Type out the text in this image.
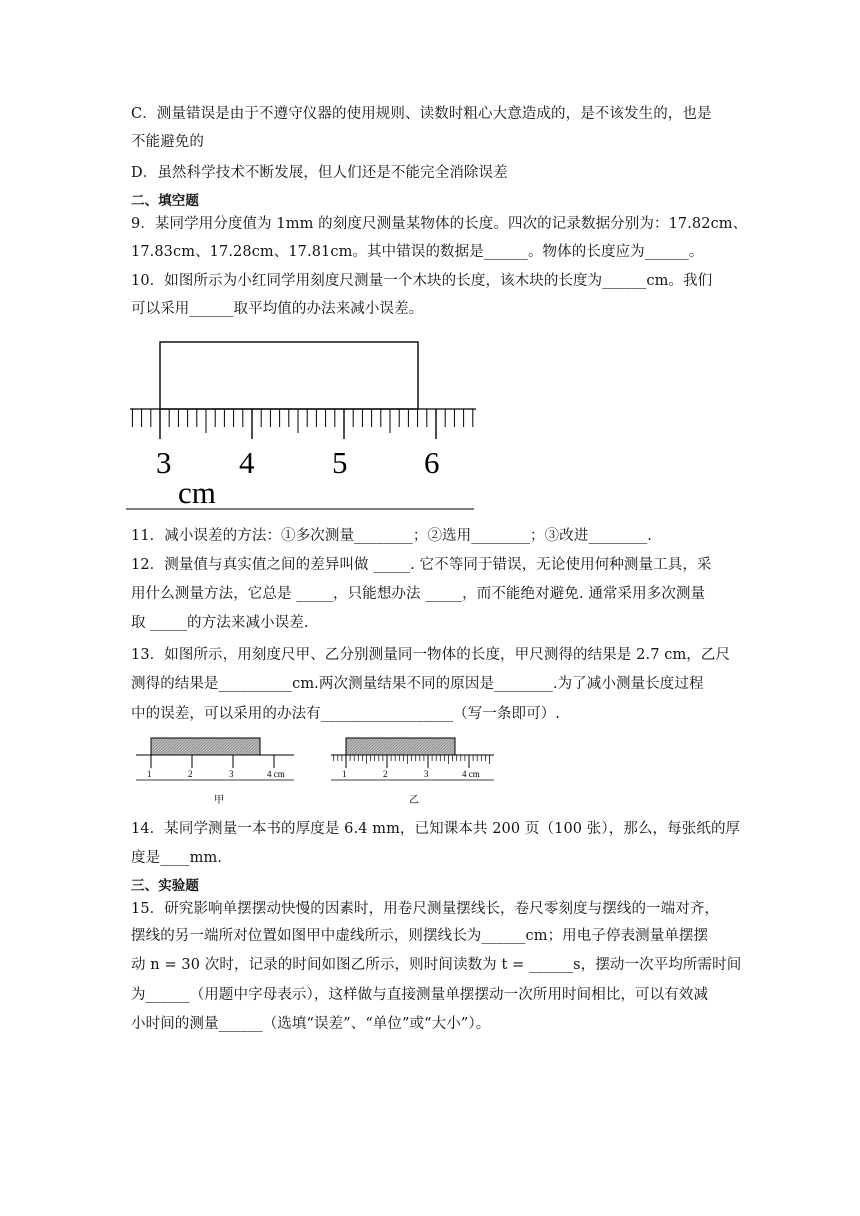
C．测量错误是由于不遵守仪器的使用规则、读数时粗心大意造成的，是不该发生的，也是
不能避免的
D．虽然科学技术不断发展，但人们还是不能完全消除误差
二、填空题
9．某同学用分度值为 1mm 的刻度尺测量某物体的长度。四次的记录数据分别为：17.82cm、
17.83cm、17.28cm、17.81cm。其中错误的数据是______。物体的长度应为______。
10．如图所示为小红同学用刻度尺测量一个木块的长度，该木块的长度为______cm。我们
可以采用______取平均值的办法来减小误差。
3 4	5 6
cm
11．减小误差的方法：①多次测量________；②选用________；③改进________.
12．测量值与真实值之间的差异叫做 _____. 它不等同于错误，无论使用何种测量工具，采
用什么测量方法，它总是 _____，只能想办法 _____，而不能绝对避免. 通常采用多次测量
取 _____的方法来减小误差.
13．如图所示，用刻度尺甲、乙分别测量同一物体的长度，甲尺测得的结果是 2.7 cm，乙尺
测得的结果是__________cm.两次测量结果不同的原因是________.为了减小测量长度过程
中的误差，可以采用的办法有__________________（写一条即可）.
1	2	3	4 cm
甲
1	2	3	4 cm
乙
14．某同学测量一本书的厚度是 6.4 mm，已知课本共 200 页（100 张），那么，每张纸的厚
度是____mm.
三、实验题
15．研究影响单摆摆动快慢的因素时，用卷尺测量摆线长，卷尺零刻度与摆线的一端对齐，
摆线的另一端所对位置如图甲中虚线所示，则摆线长为______cm；用电子停表测量单摆摆
动 n = 30 次时，记录的时间如图乙所示，则时间读数为 t = ______s，摆动一次平均所需时间
为______（用题中字母表示），这样做与直接测量单摆摆动一次所用时间相比，可以有效减
小时间的测量______（选填“误差”、“单位”或“大小”）。
